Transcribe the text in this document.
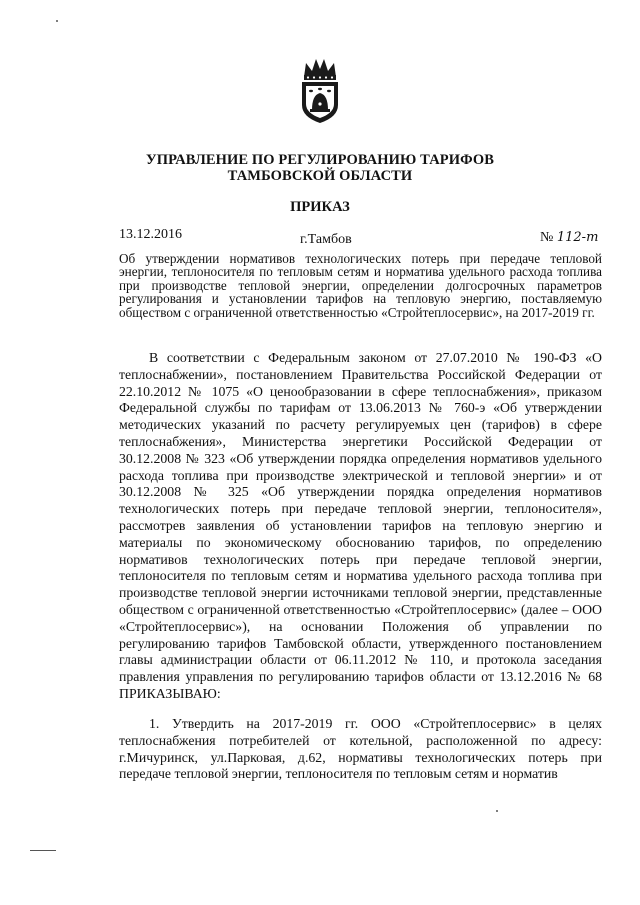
УПРАВЛЕНИЕ ПО РЕГУЛИРОВАНИЮ ТАРИФОВ
ТАМБОВСКОЙ ОБЛАСТИ
ПРИКАЗ
13.12.2016	г.Тамбов	№ 112-т
Об утверждении нормативов технологических потерь при передаче тепловой энергии, теплоносителя по тепловым сетям и норматива удельного расхода топлива при производстве тепловой энергии, определении долгосрочных параметров регулирования и установлении тарифов на тепловую энергию, поставляемую обществом с ограниченной ответственностью «Стройтеплосервис», на 2017-2019 гг.

В соответствии с Федеральным законом от 27.07.2010 № 190-ФЗ «О теплоснабжении», постановлением Правительства Российской Федерации от 22.10.2012 № 1075 «О ценообразовании в сфере теплоснабжения», приказом Федеральной службы по тарифам от 13.06.2013 № 760-э «Об утверждении методических указаний по расчету регулируемых цен (тарифов) в сфере теплоснабжения», Министерства энергетики Российской Федерации от 30.12.2008 № 323 «Об утверждении порядка определения нормативов удельного расхода топлива при производстве электрической и тепловой энергии» и от 30.12.2008 № 325 «Об утверждении порядка определения нормативов технологических потерь при передаче тепловой энергии, теплоносителя», рассмотрев заявления об установлении тарифов на тепловую энергию и материалы по экономическому обоснованию тарифов, по определению нормативов технологических потерь при передаче тепловой энергии, теплоносителя по тепловым сетям и норматива удельного расхода топлива при производстве тепловой энергии источниками тепловой энергии, представленные обществом с ограниченной ответственностью «Стройтеплосервис» (далее – ООО «Стройтеплосервис»), на основании Положения об управлении по регулированию тарифов Тамбовской области, утвержденного постановлением главы администрации области от 06.11.2012 № 110, и протокола заседания правления управления по регулированию тарифов области от 13.12.2016 № 68 ПРИКАЗЫВАЮ:

1. Утвердить на 2017-2019 гг. ООО «Стройтеплосервис» в целях теплоснабжения потребителей от котельной, расположенной по адресу: г.Мичуринск, ул.Парковая, д.62, нормативы технологических потерь при передаче тепловой энергии, теплоносителя по тепловым сетям и норматив
